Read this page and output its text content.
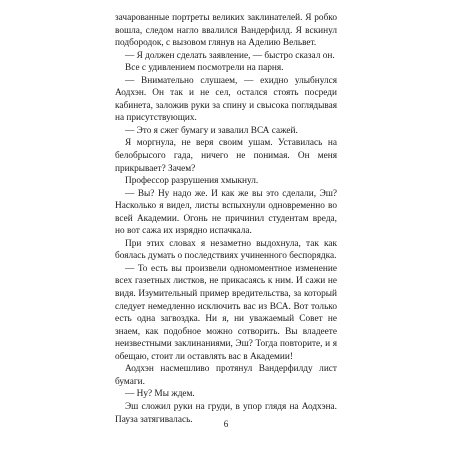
зачарованные портреты великих заклинателей. Я робко вошла, следом нагло ввалился Вандерфилд. Я вскинул подбородок, с вызовом глянув на Аделию Вельвет.

— Я должен сделать заявление, — быстро сказал он.

Все с удивлением посмотрели на парня.

— Внимательно слушаем, — ехидно улыбнулся Аодхэн. Он так и не сел, остался стоять посреди кабинета, заложив руки за спину и свысока поглядывая на присутствующих.

— Это я сжег бумагу и завалил ВСА сажей.

Я моргнула, не веря своим ушам. Уставилась на белобрысого гада, ничего не понимая. Он меня прикрывает? Зачем?

Профессор разрушения хмыкнул.

— Вы? Ну надо же. И как же вы это сделали, Эш? Насколько я видел, листы вспыхнули одновременно во всей Академии. Огонь не причинил студентам вреда, но вот сажа их изрядно испачкала.

При этих словах я незаметно выдохнула, так как боялась думать о последствиях учиненного беспорядка.

— То есть вы произвели одномоментное изменение всех газетных листков, не прикасаясь к ним. И сажи не видя. Изумительный пример вредительства, за который следует немедленно исключить вас из ВСА. Вот только есть одна загвоздка. Ни я, ни уважаемый Совет не знаем, как подобное можно сотворить. Вы владеете неизвестными заклинаниями, Эш? Тогда повторите, и я обещаю, стоит ли оставлять вас в Академии!

Аодхэн насмешливо протянул Вандерфилду лист бумаги.

— Ну? Мы ждем.

Эш сложил руки на груди, в упор глядя на Аодхэна. Пауза затягивалась.	6
